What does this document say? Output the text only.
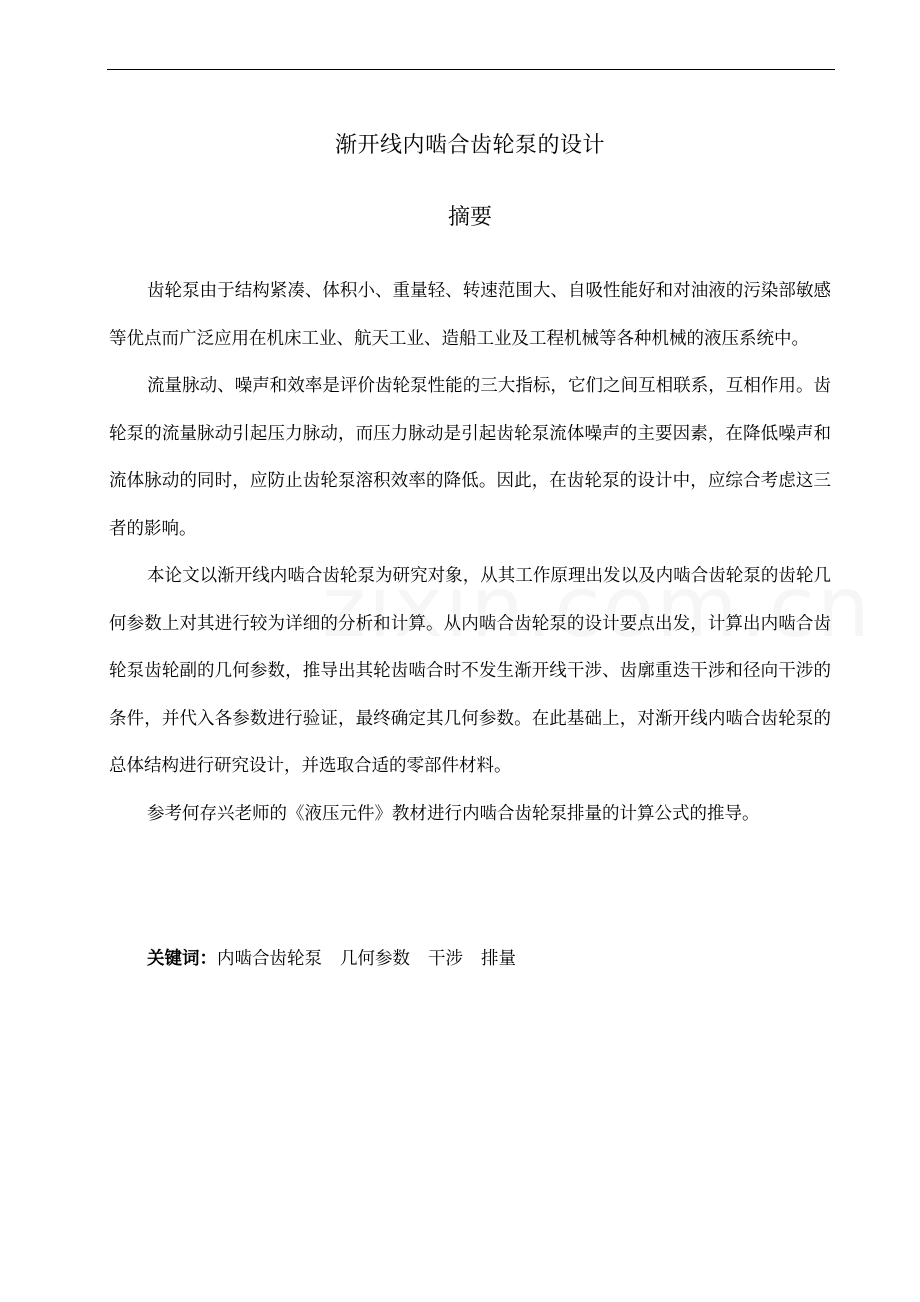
渐开线内啮合齿轮泵的设计
摘要

齿轮泵由于结构紧凑、体积小、重量轻、转速范围大、自吸性能好和对油液的污染部敏感等优点而广泛应用在机床工业、航天工业、造船工业及工程机械等各种机械的液压系统中。

流量脉动、噪声和效率是评价齿轮泵性能的三大指标，它们之间互相联系，互相作用。齿轮泵的流量脉动引起压力脉动，而压力脉动是引起齿轮泵流体噪声的主要因素，在降低噪声和流体脉动的同时，应防止齿轮泵溶积效率的降低。因此，在齿轮泵的设计中，应综合考虑这三者的影响。

本论文以渐开线内啮合齿轮泵为研究对象，从其工作原理出发以及内啮合齿轮泵的齿轮几何参数上对其进行较为详细的分析和计算。从内啮合齿轮泵的设计要点出发，计算出内啮合齿轮泵齿轮副的几何参数，推导出其轮齿啮合时不发生渐开线干涉、齿廓重迭干涉和径向干涉的条件，并代入各参数进行验证，最终确定其几何参数。在此基础上，对渐开线内啮合齿轮泵的总体结构进行研究设计，并选取合适的零部件材料。

参考何存兴老师的《液压元件》教材进行内啮合齿轮泵排量的计算公式的推导。

关键词：内啮合齿轮泵 几何参数 干涉 排量
